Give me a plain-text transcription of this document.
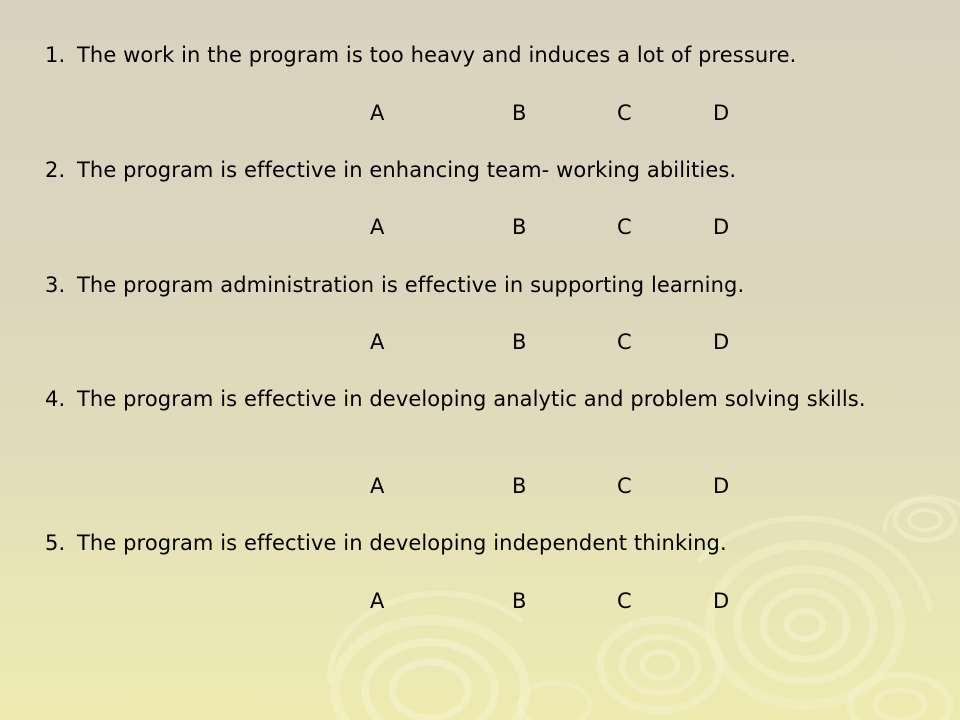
1. The work in the program is too heavy and induces a lot of pressure.
A	B	C	D
2. The program is effective in enhancing team- working abilities.
A	B	C	D
3. The program administration is effective in supporting learning.
A	B	C	D
4. The program is effective in developing analytic and problem solving skills.
A	B	C	D
5. The program is effective in developing independent thinking.
A	B	C	D
